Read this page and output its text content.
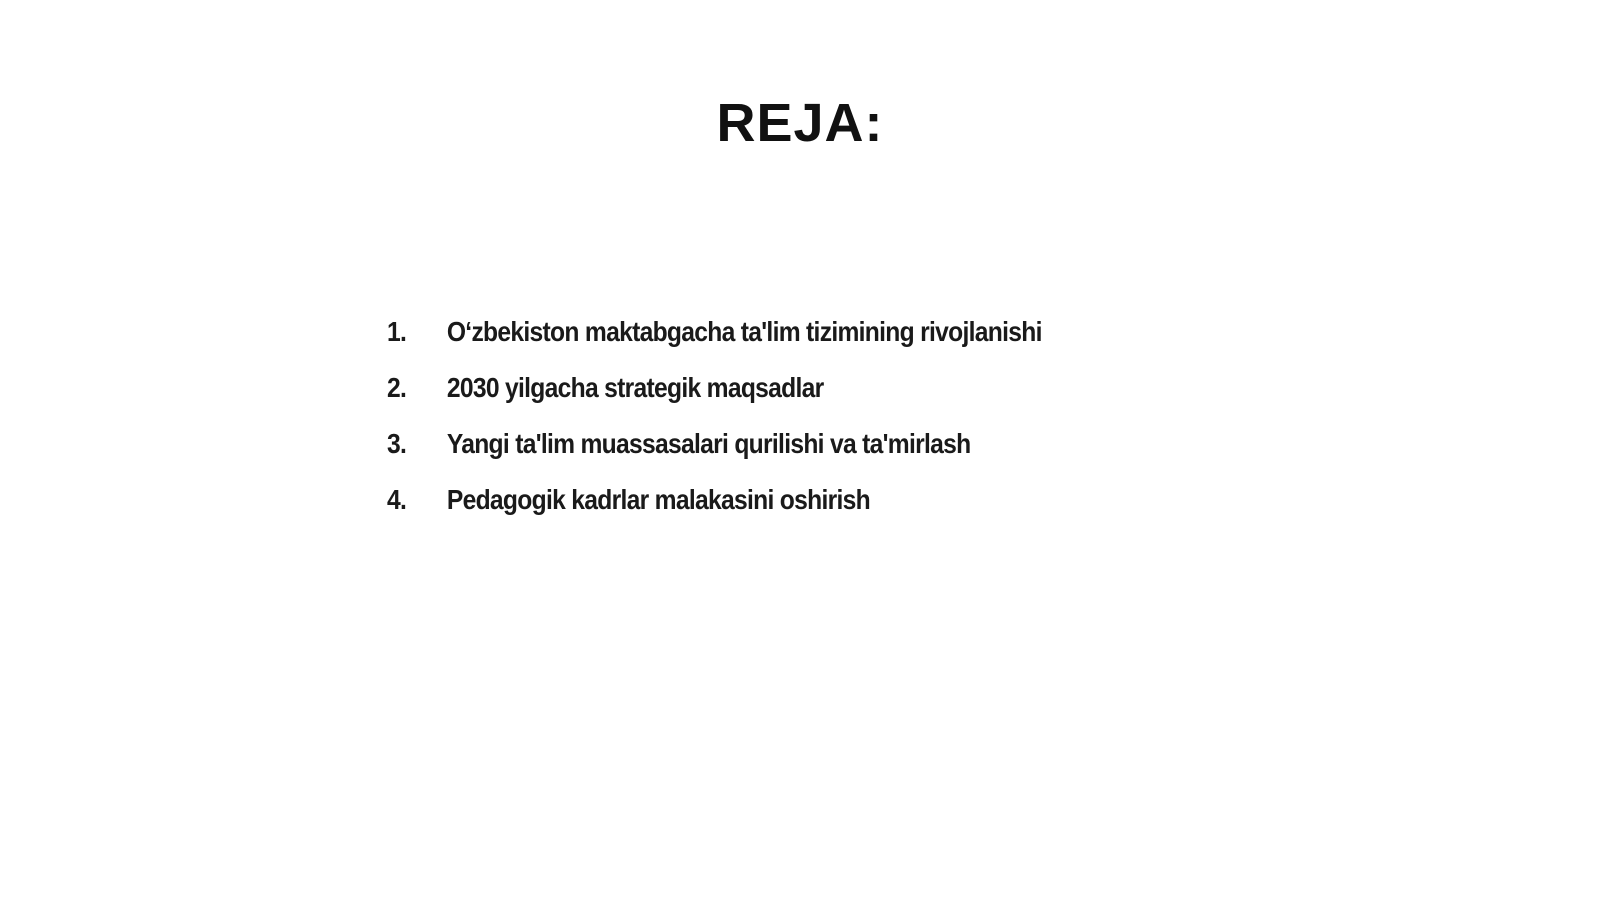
REJA:
1.	O‘zbekiston maktabgacha ta'lim tizimining rivojlanishi
2.	2030 yilgacha strategik maqsadlar
3.	Yangi ta'lim muassasalari qurilishi va ta'mirlash
4.	Pedagogik kadrlar malakasini oshirish
